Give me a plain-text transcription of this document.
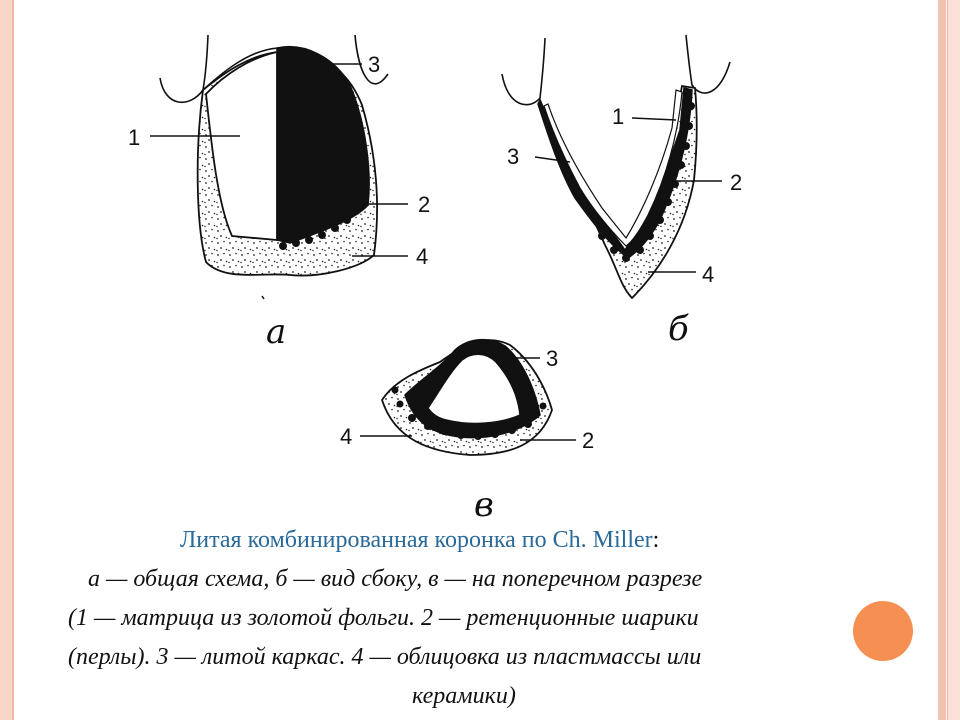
1
3
2
4
а
3
1
2
4
б
3
4	2
в
Литая комбинированная коронка по Ch. Miller:
а — общая схема, б — вид сбоку, в — на поперечном разрезе
(1 — матрица из золотой фольги. 2 — ретенционные шарики
(перлы). 3 — литой каркас. 4 — облицовка из пластмассы или
керамики)
